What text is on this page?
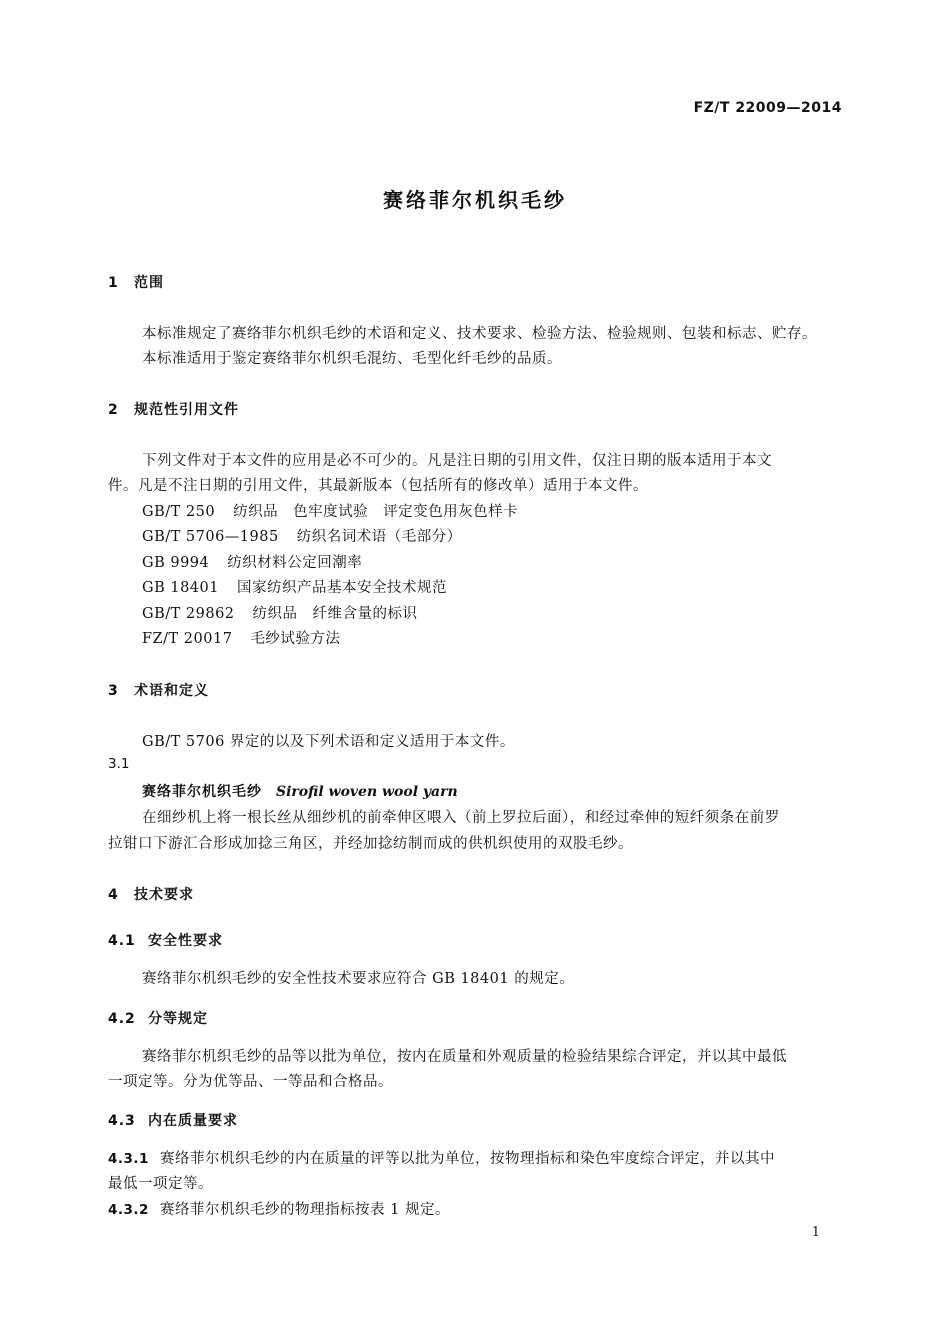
FZ/T 22009—2014
赛络菲尔机织毛纱
1 范围
本标准规定了赛络菲尔机织毛纱的术语和定义、技术要求、检验方法、检验规则、包装和标志、贮存。
本标准适用于鉴定赛络菲尔机织毛混纺、毛型化纤毛纱的品质。
2 规范性引用文件
下列文件对于本文件的应用是必不可少的。凡是注日期的引用文件，仅注日期的版本适用于本文
件。凡是不注日期的引用文件，其最新版本（包括所有的修改单）适用于本文件。
GB/T 250 纺织品　色牢度试验　评定变色用灰色样卡
GB/T 5706—1985 纺织名词术语（毛部分）
GB 9994 纺织材料公定回潮率
GB 18401 国家纺织产品基本安全技术规范
GB/T 29862 纺织品　纤维含量的标识
FZ/T 20017 毛纱试验方法
3 术语和定义
GB/T 5706 界定的以及下列术语和定义适用于本文件。
3.1
赛络菲尔机织毛纱 Sirofil woven wool yarn
在细纱机上将一根长丝从细纱机的前牵伸区喂入（前上罗拉后面），和经过牵伸的短纤须条在前罗
拉钳口下游汇合形成加捻三角区，并经加捻纺制而成的供机织使用的双股毛纱。
4 技术要求
4.1 安全性要求
赛络菲尔机织毛纱的安全性技术要求应符合 GB 18401 的规定。
4.2 分等规定
赛络菲尔机织毛纱的品等以批为单位，按内在质量和外观质量的检验结果综合评定，并以其中最低
一项定等。分为优等品、一等品和合格品。
4.3 内在质量要求
4.3.1 赛络菲尔机织毛纱的内在质量的评等以批为单位，按物理指标和染色牢度综合评定，并以其中
最低一项定等。
4.3.2 赛络菲尔机织毛纱的物理指标按表 1 规定。
1
